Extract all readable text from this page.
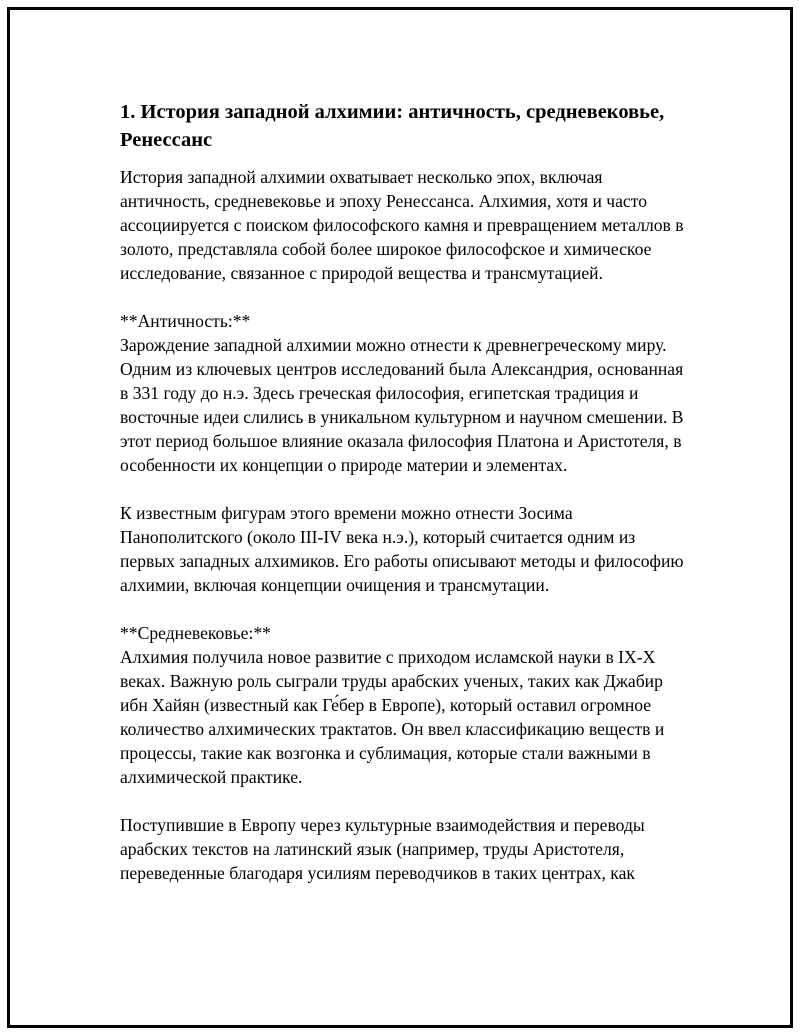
1. История западной алхимии: античность, средневековье, Ренессанс

История западной алхимии охватывает несколько эпох, включая античность, средневековье и эпоху Ренессанса. Алхимия, хотя и часто ассоциируется с поиском философского камня и превращением металлов в золото, представляла собой более широкое философское и химическое исследование, связанное с природой вещества и трансмутацией.

**Античность:**
Зарождение западной алхимии можно отнести к древнегреческому миру. Одним из ключевых центров исследований была Александрия, основанная в 331 году до н.э. Здесь греческая философия, египетская традиция и восточные идеи слились в уникальном культурном и научном смешении. В этот период большое влияние оказала философия Платона и Аристотеля, в особенности их концепции о природе материи и элементах.

К известным фигурам этого времени можно отнести Зосима Панополитского (около III-IV века н.э.), который считается одним из первых западных алхимиков. Его работы описывают методы и философию алхимии, включая концепции очищения и трансмутации.

**Средневековье:**
Алхимия получила новое развитие с приходом исламской науки в IX-X веках. Важную роль сыграли труды арабских ученых, таких как Джабир ибн Хайян (известный как Ге́бер в Европе), который оставил огромное количество алхимических трактатов. Он ввел классификацию веществ и процессы, такие как возгонка и сублимация, которые стали важными в алхимической практике.

Поступившие в Европу через культурные взаимодействия и переводы арабских текстов на латинский язык (например, труды Аристотеля, переведенные благодаря усилиям переводчиков в таких центрах, как
